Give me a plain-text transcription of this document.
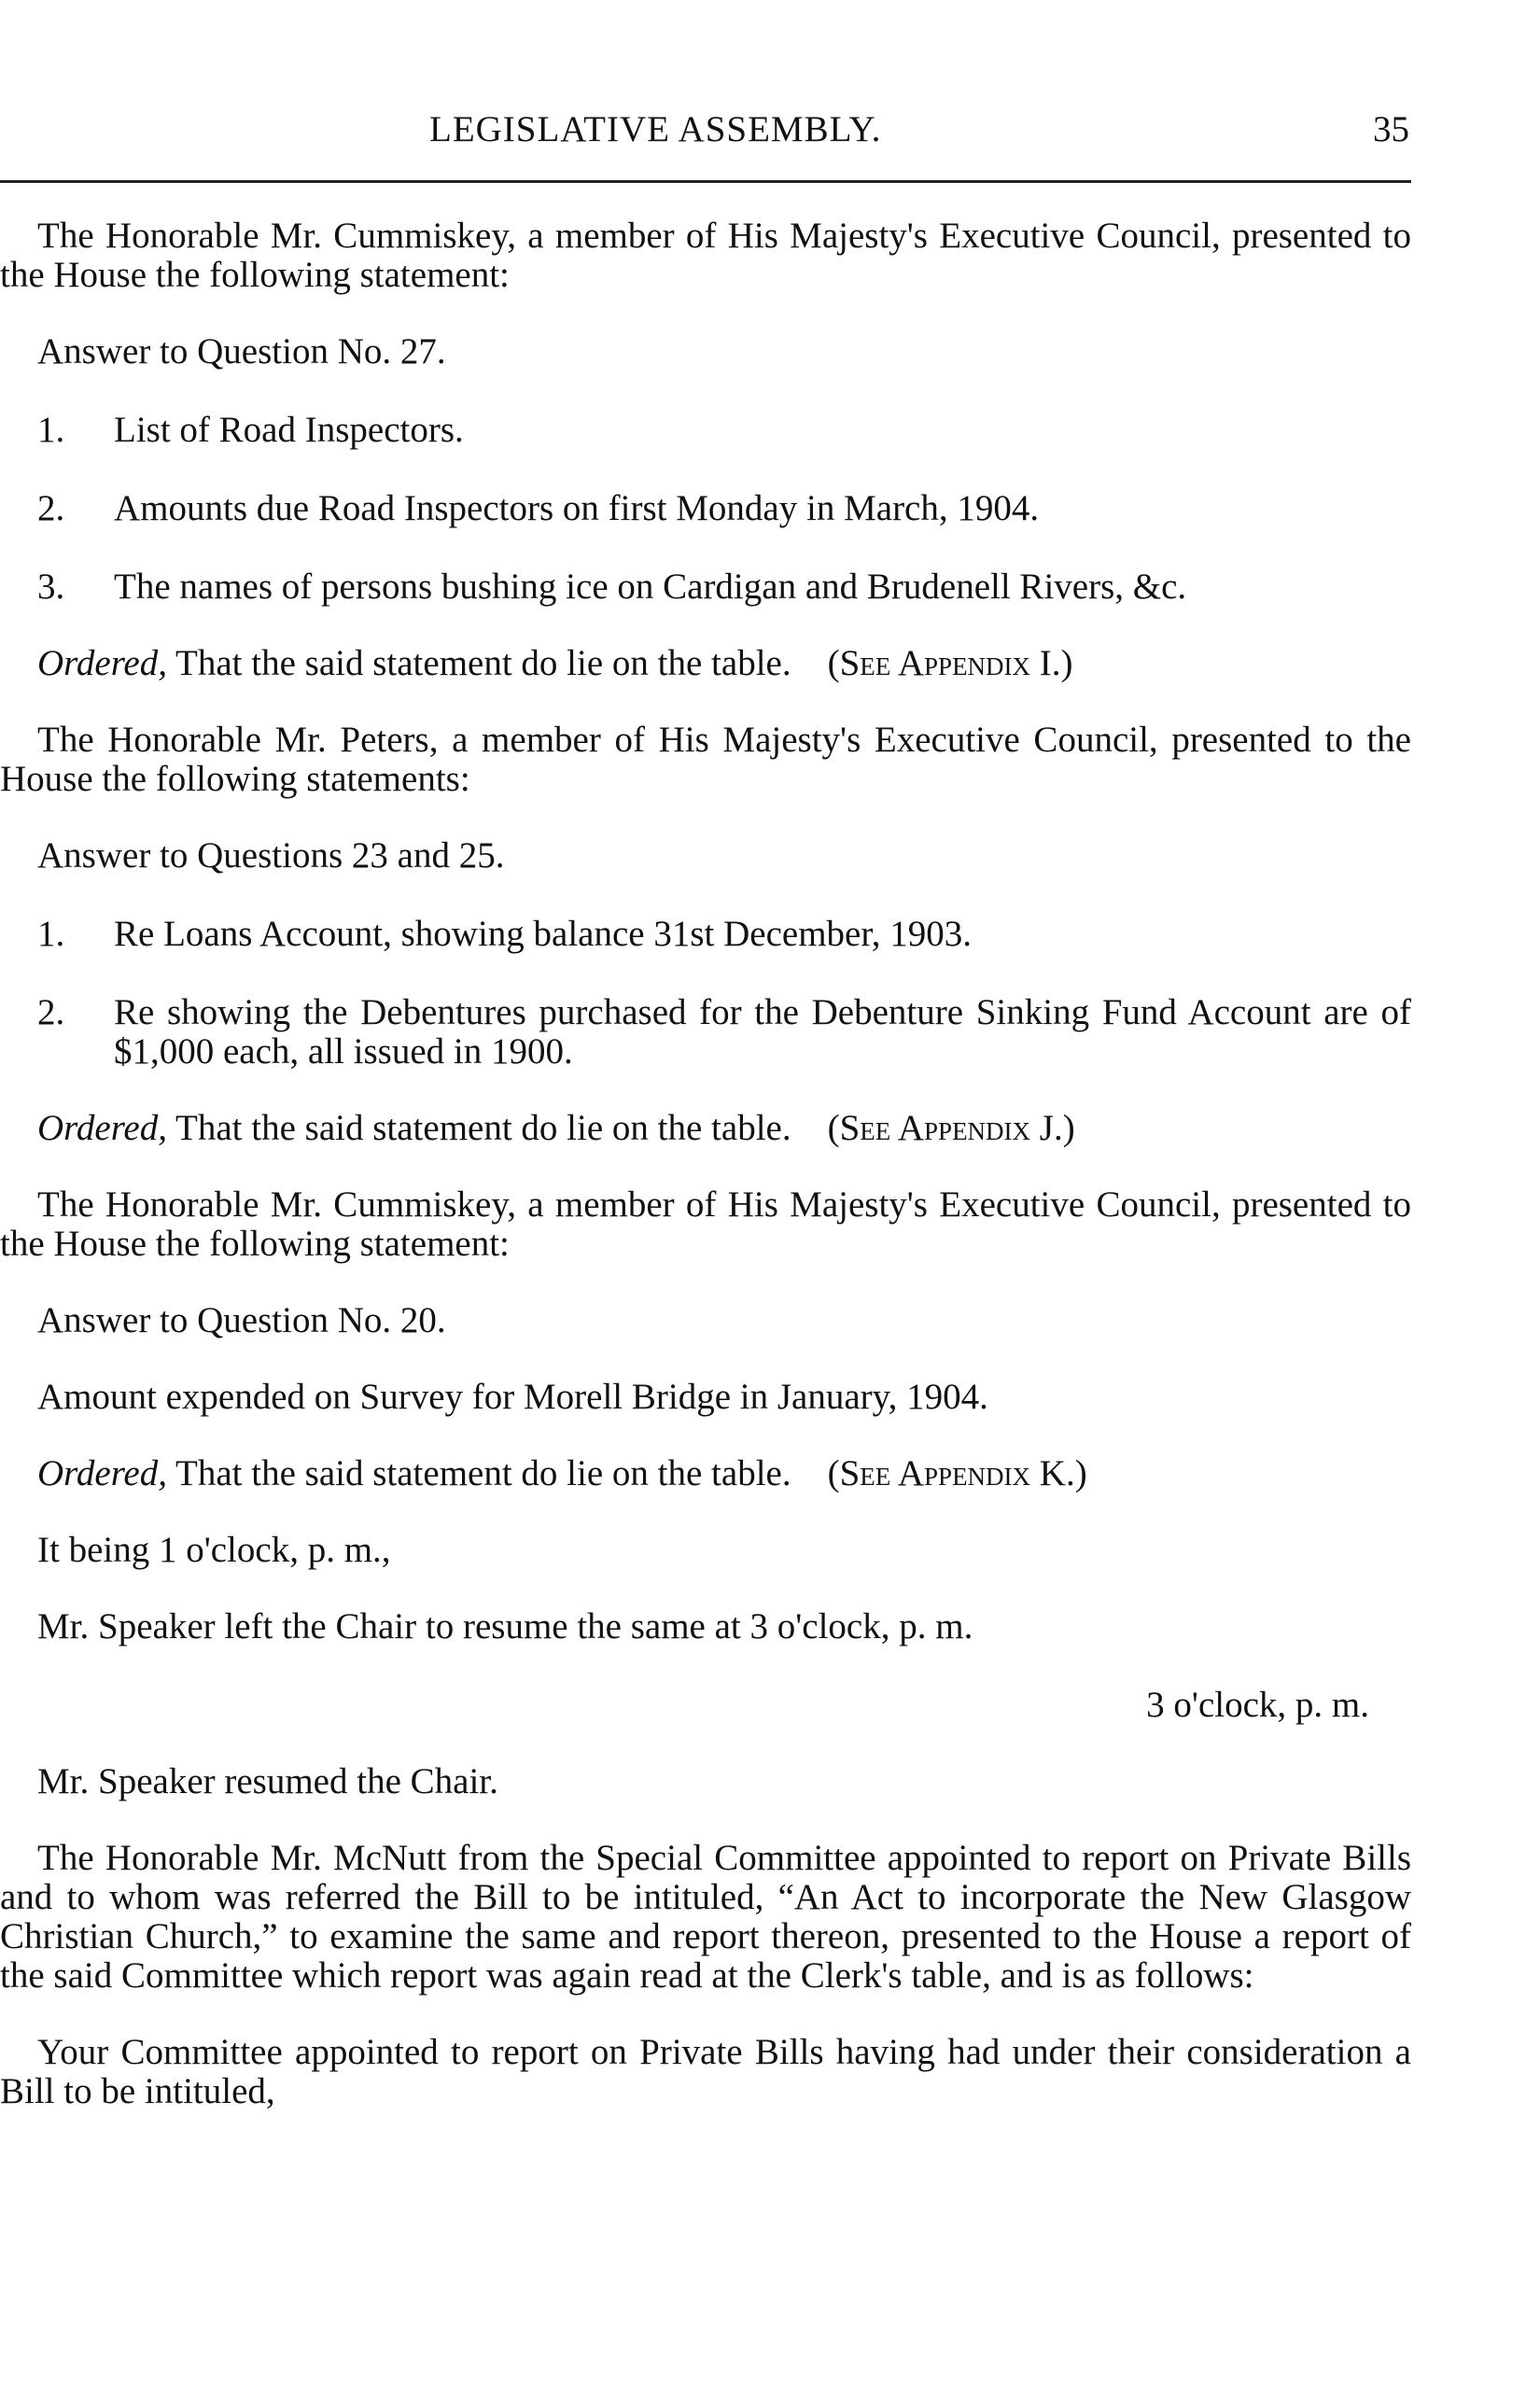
LEGISLATIVE ASSEMBLY.	35

The Honorable Mr. Cummiskey, a member of His Majesty's Executive Council, presented to the House the following statement:

Answer to Question No. 27.

1.	List of Road Inspectors.
2.	Amounts due Road Inspectors on first Monday in March, 1904.
3.	The names of persons bushing ice on Cardigan and Brudenell Rivers, &c.

Ordered, That the said statement do lie on the table. (See Appendix I.)

The Honorable Mr. Peters, a member of His Majesty's Executive Council, presented to the House the following statements:

Answer to Questions 23 and 25.

1.	Re Loans Account, showing balance 31st December, 1903.
2.	Re showing the Debentures purchased for the Debenture Sinking Fund Account are of $1,000 each, all issued in 1900.

Ordered, That the said statement do lie on the table. (See Appendix J.)

The Honorable Mr. Cummiskey, a member of His Majesty's Executive Council, presented to the House the following statement:

Answer to Question No. 20.

Amount expended on Survey for Morell Bridge in January, 1904.

Ordered, That the said statement do lie on the table. (See Appendix K.)

It being 1 o'clock, p. m.,

Mr. Speaker left the Chair to resume the same at 3 o'clock, p. m.

3 o'clock, p. m.

Mr. Speaker resumed the Chair.

The Honorable Mr. McNutt from the Special Committee appointed to report on Private Bills and to whom was referred the Bill to be intituled, “An Act to incorporate the New Glasgow Christian Church,” to examine the same and report thereon, presented to the House a report of the said Committee which report was again read at the Clerk's table, and is as follows:

Your Committee appointed to report on Private Bills having had under their consideration a Bill to be intituled,
